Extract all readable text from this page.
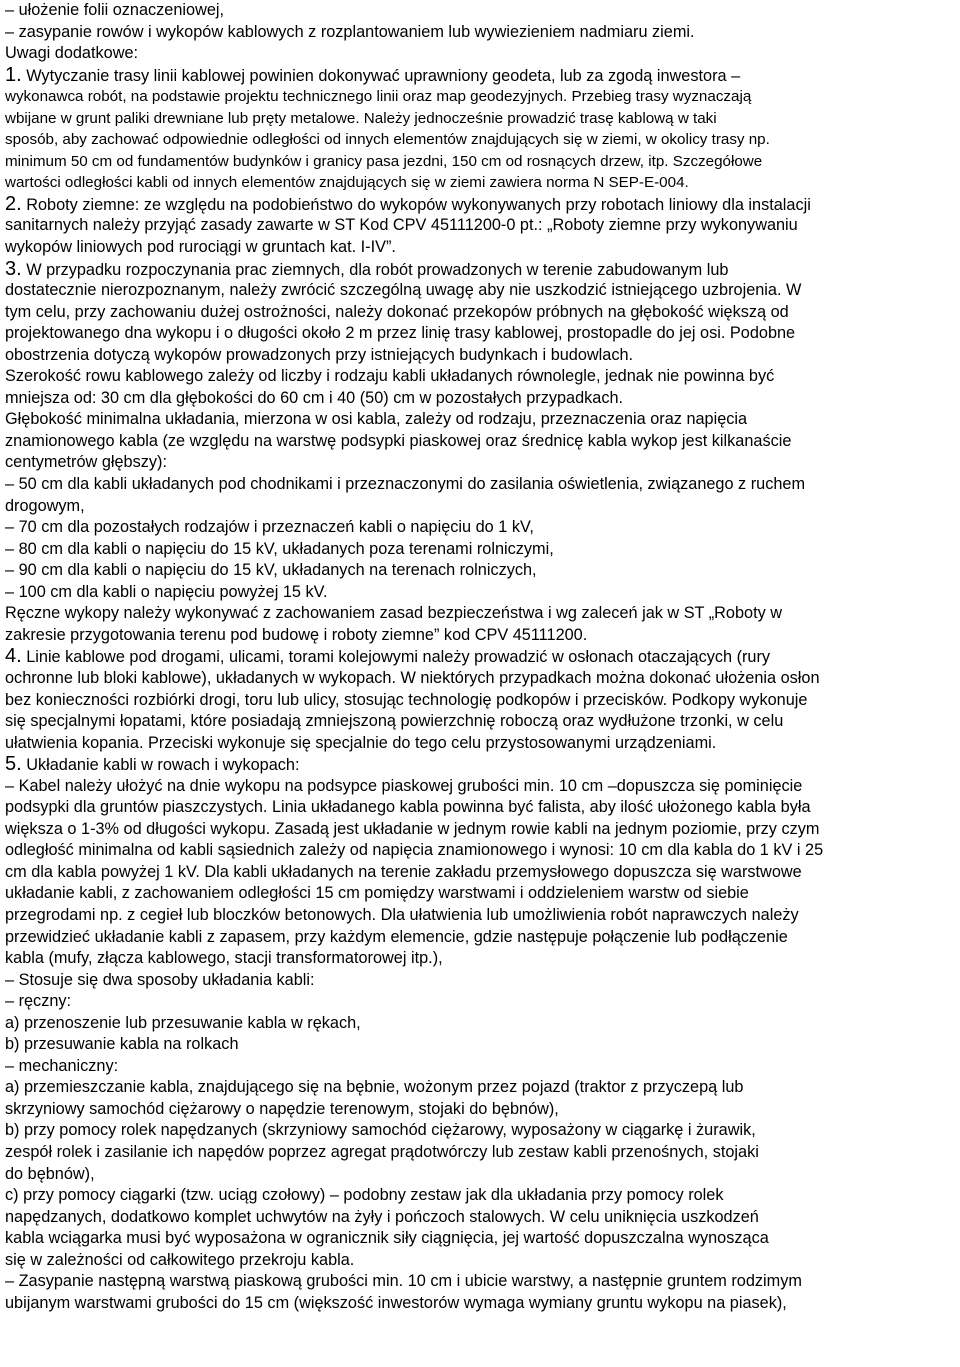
– ułożenie folii oznaczeniowej,
– zasypanie rowów i wykopów kablowych z rozplantowaniem lub wywiezieniem nadmiaru ziemi.
Uwagi dodatkowe:
1. Wytyczanie trasy linii kablowej powinien dokonywać uprawniony geodeta, lub za zgodą inwestora –
wykonawca robót, na podstawie projektu technicznego linii oraz map geodezyjnych. Przebieg trasy wyznaczają
wbijane w grunt paliki drewniane lub pręty metalowe. Należy jednocześnie prowadzić trasę kablową w taki
sposób, aby zachować odpowiednie odległości od innych elementów znajdujących się w ziemi, w okolicy trasy np.
minimum 50 cm od fundamentów budynków i granicy pasa jezdni, 150 cm od rosnących drzew, itp. Szczegółowe
wartości odległości kabli od innych elementów znajdujących się w ziemi zawiera norma N SEP-E-004.
2. Roboty ziemne: ze względu na podobieństwo do wykopów wykonywanych przy robotach liniowy dla instalacji
sanitarnych należy przyjąć zasady zawarte w ST Kod CPV 45111200-0 pt.: „Roboty ziemne przy wykonywaniu
wykopów liniowych pod rurociągi w gruntach kat. I-IV”.
3. W przypadku rozpoczynania prac ziemnych, dla robót prowadzonych w terenie zabudowanym lub
dostatecznie nierozpoznanym, należy zwrócić szczególną uwagę aby nie uszkodzić istniejącego uzbrojenia. W
tym celu, przy zachowaniu dużej ostrożności, należy dokonać przekopów próbnych na głębokość większą od
projektowanego dna wykopu i o długości około 2 m przez linię trasy kablowej, prostopadle do jej osi. Podobne
obostrzenia dotyczą wykopów prowadzonych przy istniejących budynkach i budowlach.
Szerokość rowu kablowego zależy od liczby i rodzaju kabli układanych równolegle, jednak nie powinna być
mniejsza od: 30 cm dla głębokości do 60 cm i 40 (50) cm w pozostałych przypadkach.
Głębokość minimalna układania, mierzona w osi kabla, zależy od rodzaju, przeznaczenia oraz napięcia
znamionowego kabla (ze względu na warstwę podsypki piaskowej oraz średnicę kabla wykop jest kilkanaście
centymetrów głębszy):
– 50 cm dla kabli układanych pod chodnikami i przeznaczonymi do zasilania oświetlenia, związanego z ruchem
drogowym,
– 70 cm dla pozostałych rodzajów i przeznaczeń kabli o napięciu do 1 kV,
– 80 cm dla kabli o napięciu do 15 kV, układanych poza terenami rolniczymi,
– 90 cm dla kabli o napięciu do 15 kV, układanych na terenach rolniczych,
– 100 cm dla kabli o napięciu powyżej 15 kV.
Ręczne wykopy należy wykonywać z zachowaniem zasad bezpieczeństwa i wg zaleceń jak w ST „Roboty w
zakresie przygotowania terenu pod budowę i roboty ziemne” kod CPV 45111200.
4. Linie kablowe pod drogami, ulicami, torami kolejowymi należy prowadzić w osłonach otaczających (rury
ochronne lub bloki kablowe), układanych w wykopach. W niektórych przypadkach można dokonać ułożenia osłon
bez konieczności rozbiórki drogi, toru lub ulicy, stosując technologię podkopów i przecisków. Podkopy wykonuje
się specjalnymi łopatami, które posiadają zmniejszoną powierzchnię roboczą oraz wydłużone trzonki, w celu
ułatwienia kopania. Przeciski wykonuje się specjalnie do tego celu przystosowanymi urządzeniami.
5. Układanie kabli w rowach i wykopach:
– Kabel należy ułożyć na dnie wykopu na podsypce piaskowej grubości min. 10 cm –dopuszcza się pominięcie
podsypki dla gruntów piaszczystych. Linia układanego kabla powinna być falista, aby ilość ułożonego kabla była
większa o 1-3% od długości wykopu. Zasadą jest układanie w jednym rowie kabli na jednym poziomie, przy czym
odległość minimalna od kabli sąsiednich zależy od napięcia znamionowego i wynosi: 10 cm dla kabla do 1 kV i 25
cm dla kabla powyżej 1 kV. Dla kabli układanych na terenie zakładu przemysłowego dopuszcza się warstwowe
układanie kabli, z zachowaniem odległości 15 cm pomiędzy warstwami i oddzieleniem warstw od siebie
przegrodami np. z cegieł lub bloczków betonowych. Dla ułatwienia lub umożliwienia robót naprawczych należy
przewidzieć układanie kabli z zapasem, przy każdym elemencie, gdzie następuje połączenie lub podłączenie
kabla (mufy, złącza kablowego, stacji transformatorowej itp.),
– Stosuje się dwa sposoby układania kabli:
– ręczny:
a) przenoszenie lub przesuwanie kabla w rękach,
b) przesuwanie kabla na rolkach
– mechaniczny:
a) przemieszczanie kabla, znajdującego się na bębnie, wożonym przez pojazd (traktor z przyczepą lub
skrzyniowy samochód ciężarowy o napędzie terenowym, stojaki do bębnów),
b) przy pomocy rolek napędzanych (skrzyniowy samochód ciężarowy, wyposażony w ciągarkę i żurawik,
zespół rolek i zasilanie ich napędów poprzez agregat prądotwórczy lub zestaw kabli przenośnych, stojaki
do bębnów),
c) przy pomocy ciągarki (tzw. uciąg czołowy) – podobny zestaw jak dla układania przy pomocy rolek
napędzanych, dodatkowo komplet uchwytów na żyły i pończoch stalowych. W celu uniknięcia uszkodzeń
kabla wciągarka musi być wyposażona w ogranicznik siły ciągnięcia, jej wartość dopuszczalna wynosząca
się w zależności od całkowitego przekroju kabla.
– Zasypanie następną warstwą piaskową grubości min. 10 cm i ubicie warstwy, a następnie gruntem rodzimym
ubijanym warstwami grubości do 15 cm (większość inwestorów wymaga wymiany gruntu wykopu na piasek),
